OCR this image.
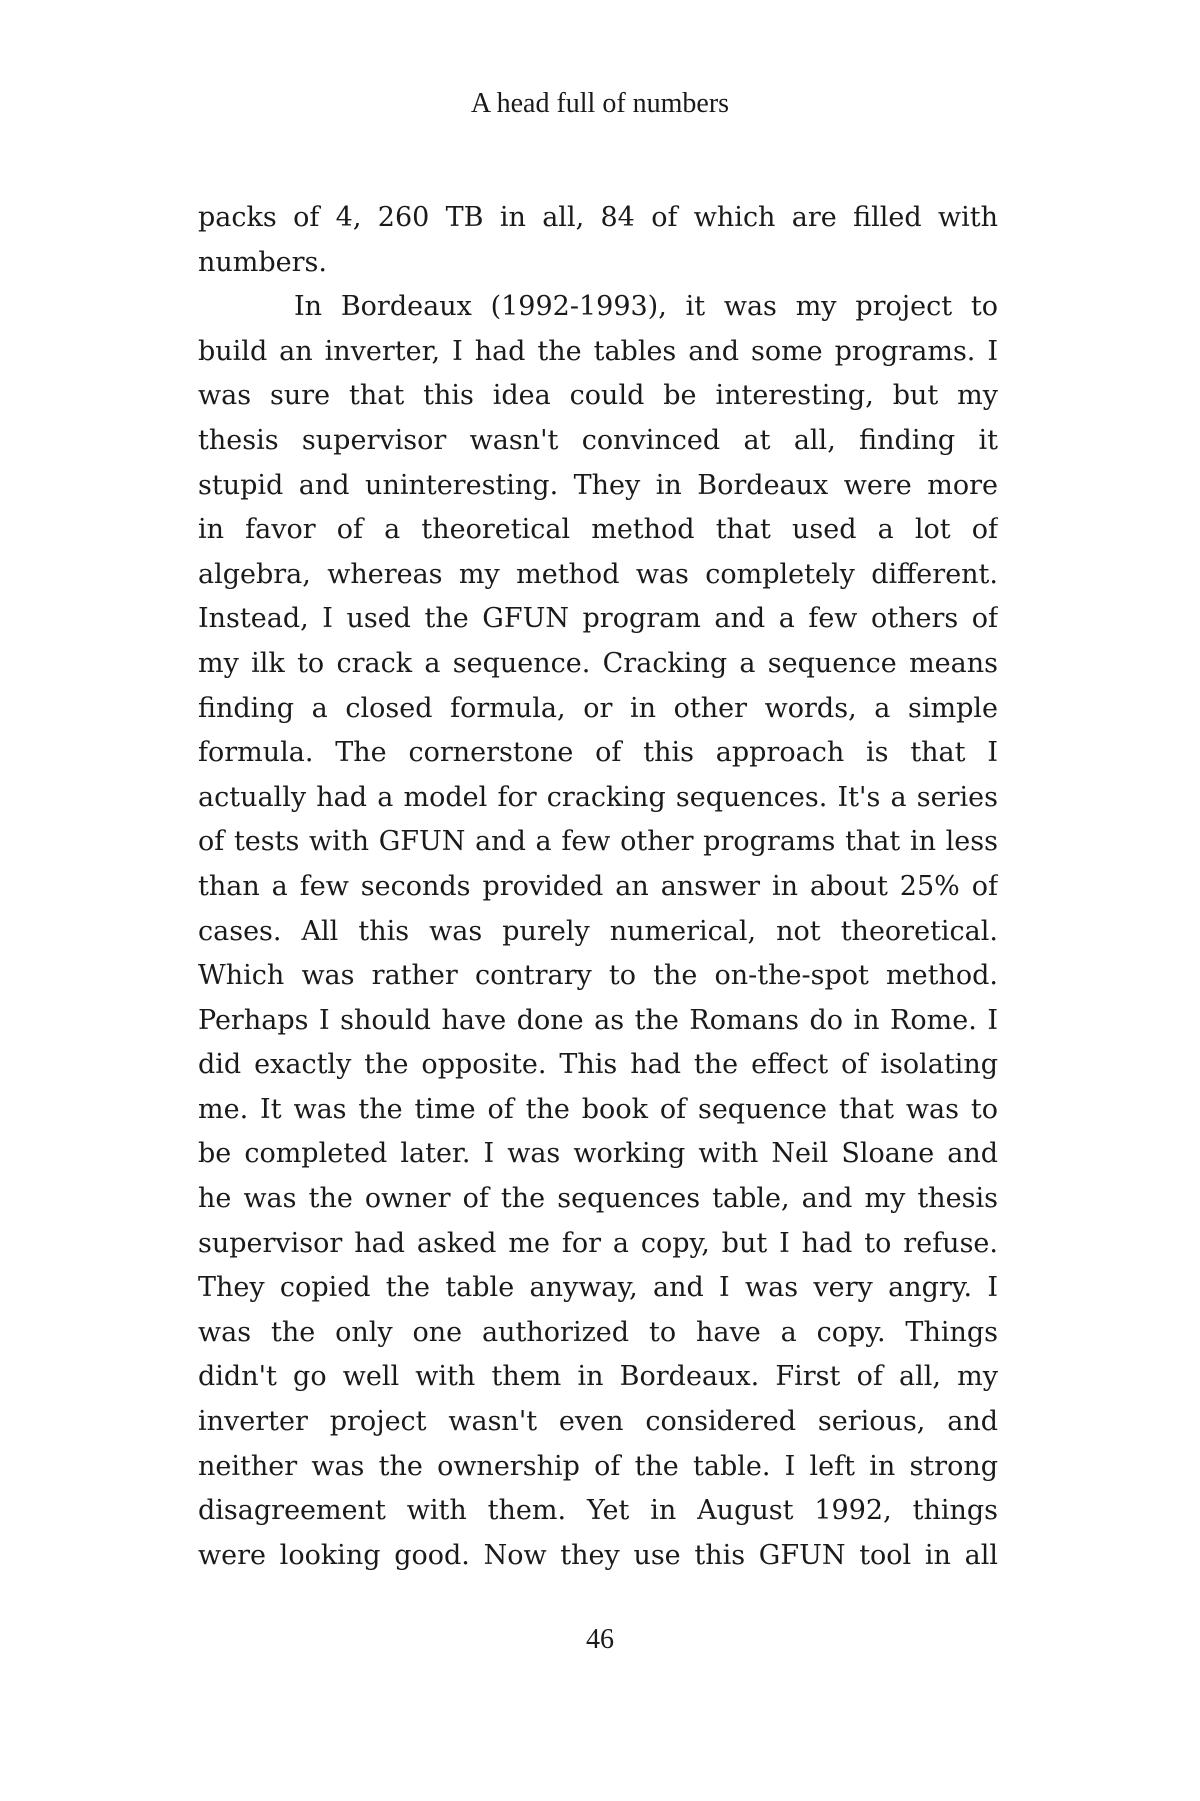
A head full of numbers
packs of 4, 260 TB in all, 84 of which are filled with
numbers.
In Bordeaux (1992-1993), it was my project to
build an inverter, I had the tables and some programs. I
was sure that this idea could be interesting, but my
thesis supervisor wasn't convinced at all, finding it
stupid and uninteresting. They in Bordeaux were more
in favor of a theoretical method that used a lot of
algebra, whereas my method was completely different.
Instead, I used the GFUN program and a few others of
my ilk to crack a sequence. Cracking a sequence means
finding a closed formula, or in other words, a simple
formula. The cornerstone of this approach is that I
actually had a model for cracking sequences. It's a series
of tests with GFUN and a few other programs that in less
than a few seconds provided an answer in about 25% of
cases. All this was purely numerical, not theoretical.
Which was rather contrary to the on-the-spot method.
Perhaps I should have done as the Romans do in Rome. I
did exactly the opposite. This had the effect of isolating
me. It was the time of the book of sequence that was to
be completed later. I was working with Neil Sloane and
he was the owner of the sequences table, and my thesis
supervisor had asked me for a copy, but I had to refuse.
They copied the table anyway, and I was very angry. I
was the only one authorized to have a copy. Things
didn't go well with them in Bordeaux. First of all, my
inverter project wasn't even considered serious, and
neither was the ownership of the table. I left in strong
disagreement with them. Yet in August 1992, things
were looking good. Now they use this GFUN tool in all
46
